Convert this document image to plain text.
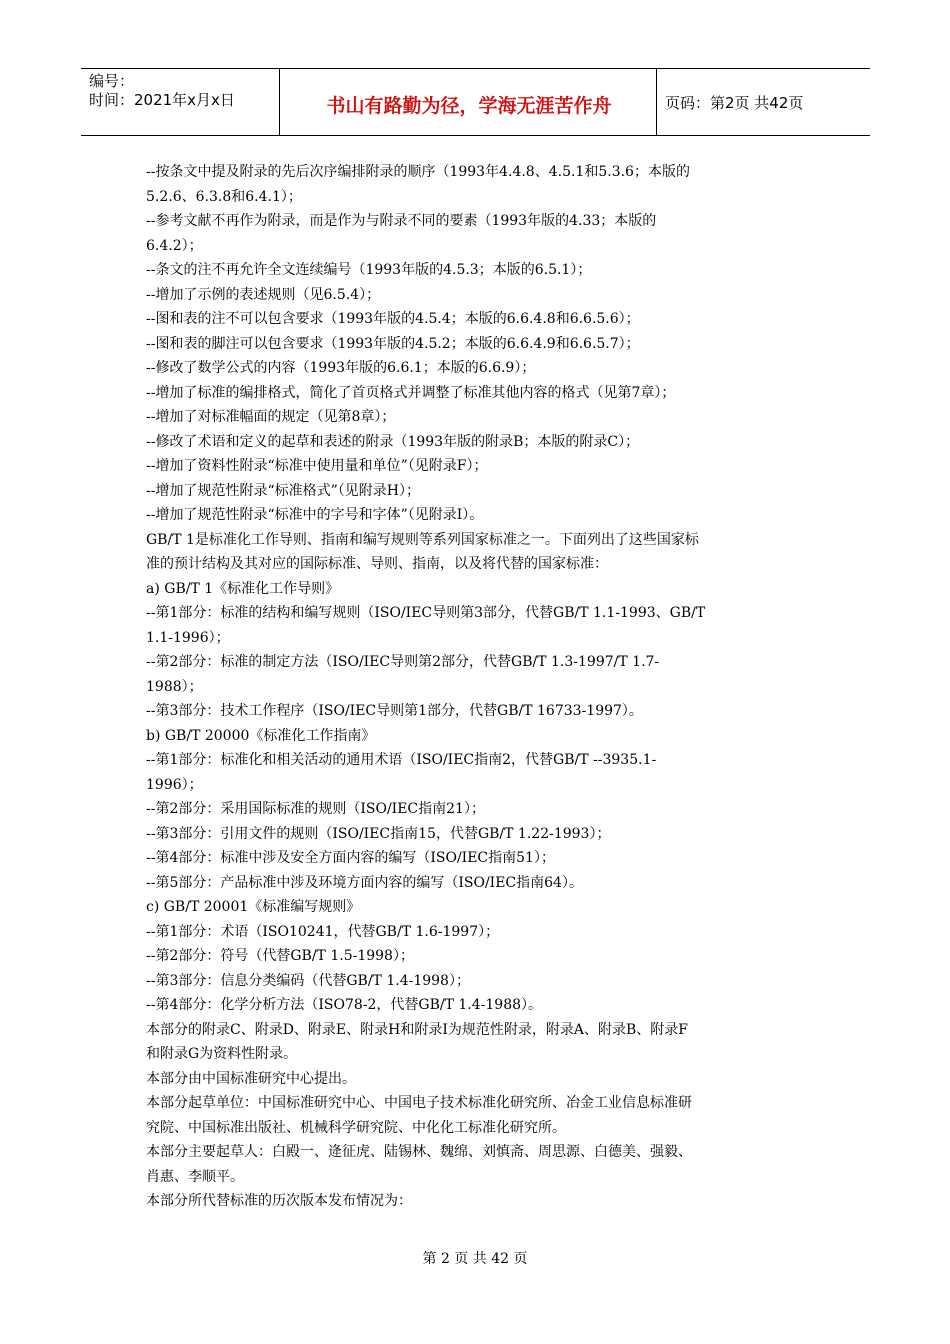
编号：
时间：2021年x月x日	书山有路勤为径，学海无涯苦作舟	页码：第2页 共42页
--按条文中提及附录的先后次序编排附录的顺序（1993年4.4.8、4.5.1和5.3.6；本版的
5.2.6、6.3.8和6.4.1）；
--参考文献不再作为附录，而是作为与附录不同的要素（1993年版的4.33；本版的
6.4.2）；
--条文的注不再允许全文连续编号（1993年版的4.5.3；本版的6.5.1）；
--增加了示例的表述规则（见6.5.4）；
--图和表的注不可以包含要求（1993年版的4.5.4；本版的6.6.4.8和6.6.5.6）；
--图和表的脚注可以包含要求（1993年版的4.5.2；本版的6.6.4.9和6.6.5.7）；
--修改了数学公式的内容（1993年版的6.6.1；本版的6.6.9）；
--增加了标准的编排格式，简化了首页格式并调整了标准其他内容的格式（见第7章）；
--增加了对标准幅面的规定（见第8章）；
--修改了术语和定义的起草和表述的附录（1993年版的附录B；本版的附录C）；
--增加了资料性附录“标准中使用量和单位”（见附录F）；
--增加了规范性附录“标准格式”（见附录H）；
--增加了规范性附录“标准中的字号和字体”（见附录I）。
GB/T 1是标准化工作导则、指南和编写规则等系列国家标准之一。下面列出了这些国家标
准的预计结构及其对应的国际标准、导则、指南，以及将代替的国家标准：
a) GB/T 1《标准化工作导则》
--第1部分：标准的结构和编写规则（ISO/IEC导则第3部分，代替GB/T 1.1-1993、GB/T
1.1-1996）；
--第2部分：标准的制定方法（ISO/IEC导则第2部分，代替GB/T 1.3-1997/T 1.7-
1988）；
--第3部分：技术工作程序（ISO/IEC导则第1部分，代替GB/T 16733-1997）。
b) GB/T 20000《标准化工作指南》
--第1部分：标准化和相关活动的通用术语（ISO/IEC指南2，代替GB/T --3935.1-
1996）；
--第2部分：采用国际标准的规则（ISO/IEC指南21）；
--第3部分：引用文件的规则（ISO/IEC指南15，代替GB/T 1.22-1993）；
--第4部分：标准中涉及安全方面内容的编写（ISO/IEC指南51）；
--第5部分：产品标准中涉及环境方面内容的编写（ISO/IEC指南64）。
c) GB/T 20001《标准编写规则》
--第1部分：术语（ISO10241，代替GB/T 1.6-1997）；
--第2部分：符号（代替GB/T 1.5-1998）；
--第3部分：信息分类编码（代替GB/T 1.4-1998）；
--第4部分：化学分析方法（ISO78-2，代替GB/T 1.4-1988）。
本部分的附录C、附录D、附录E、附录H和附录I为规范性附录，附录A、附录B、附录F
和附录G为资料性附录。
本部分由中国标准研究中心提出。
本部分起草单位：中国标准研究中心、中国电子技术标准化研究所、冶金工业信息标准研
究院、中国标准出版社、机械科学研究院、中化化工标准化研究所。
本部分主要起草人：白殿一、逄征虎、陆锡林、魏绵、刘慎斋、周思源、白德美、强毅、
肖惠、李顺平。
本部分所代替标准的历次版本发布情况为：
第 2 页 共 42 页
